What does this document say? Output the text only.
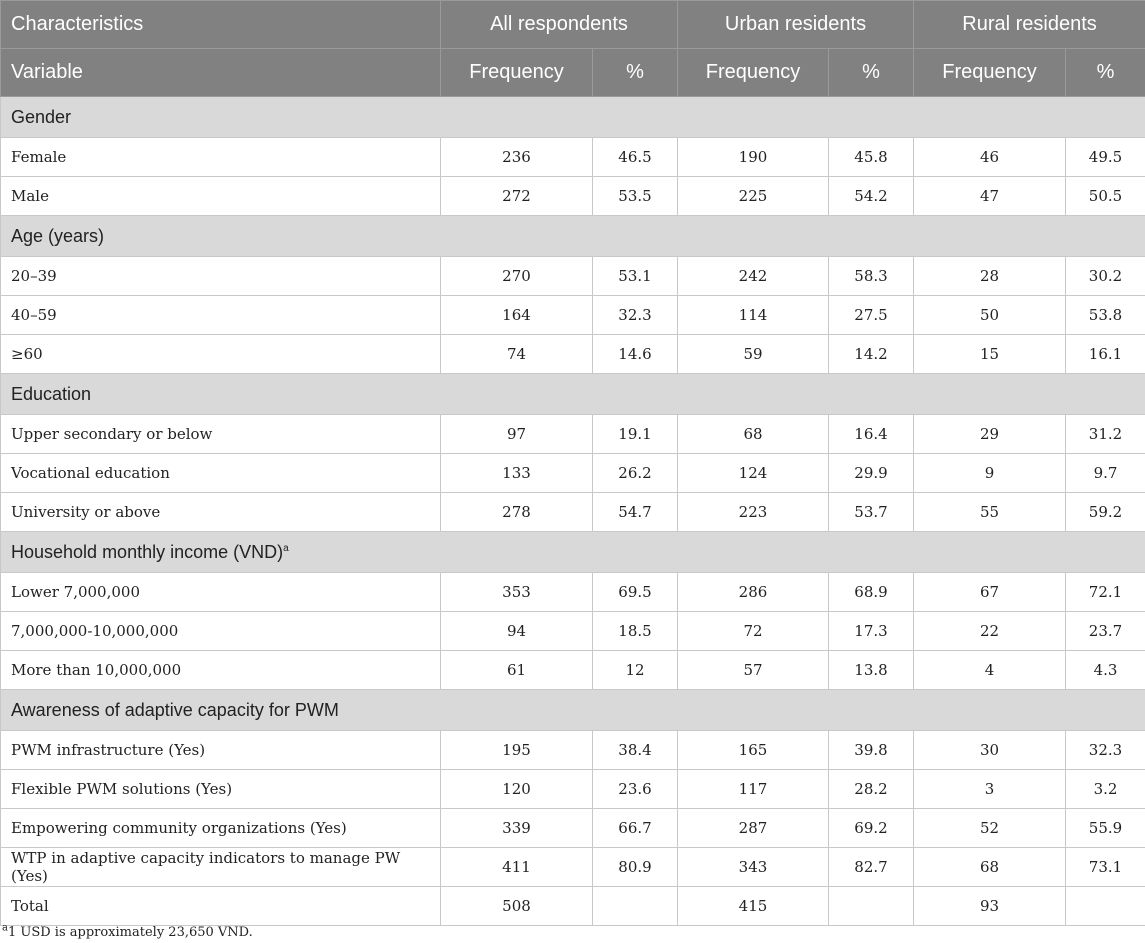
Characteristics	All respondents		Urban residents		Rural residents	
Variable	Frequency	%	Frequency	%	Frequency	%
Gender						
Female	236	46.5	190	45.8	46	49.5
Male	272	53.5	225	54.2	47	50.5
Age (years)						
20–39	270	53.1	242	58.3	28	30.2
40–59	164	32.3	114	27.5	50	53.8
≥60	74	14.6	59	14.2	15	16.1
Education						
Upper secondary or below	97	19.1	68	16.4	29	31.2
Vocational education	133	26.2	124	29.9	9	9.7
University or above	278	54.7	223	53.7	55	59.2
Household monthly income (VND)$^a$
Lower 7,000,000	353	69.5	286	68.9	67	72.1
7,000,000-10,000,000	94	18.5	72	17.3	22	23.7
More than 10,000,000	61	12	57	13.8	4	4.3
Awareness of adaptive capacity for PWM						
PWM infrastructure (Yes)	195	38.4	165	39.8	30	32.3
Flexible PWM solutions (Yes)	120	23.6	117	28.2	3	3.2
Empowering community organizations (Yes)	339	66.7	287	69.2	52	55.9
WTP in adaptive capacity indicators to manage PW (Yes)	411	80.9	343	82.7	68	73.1
Total	508		415		93	
$^a$1 USD is approximately 23,650 VND.
